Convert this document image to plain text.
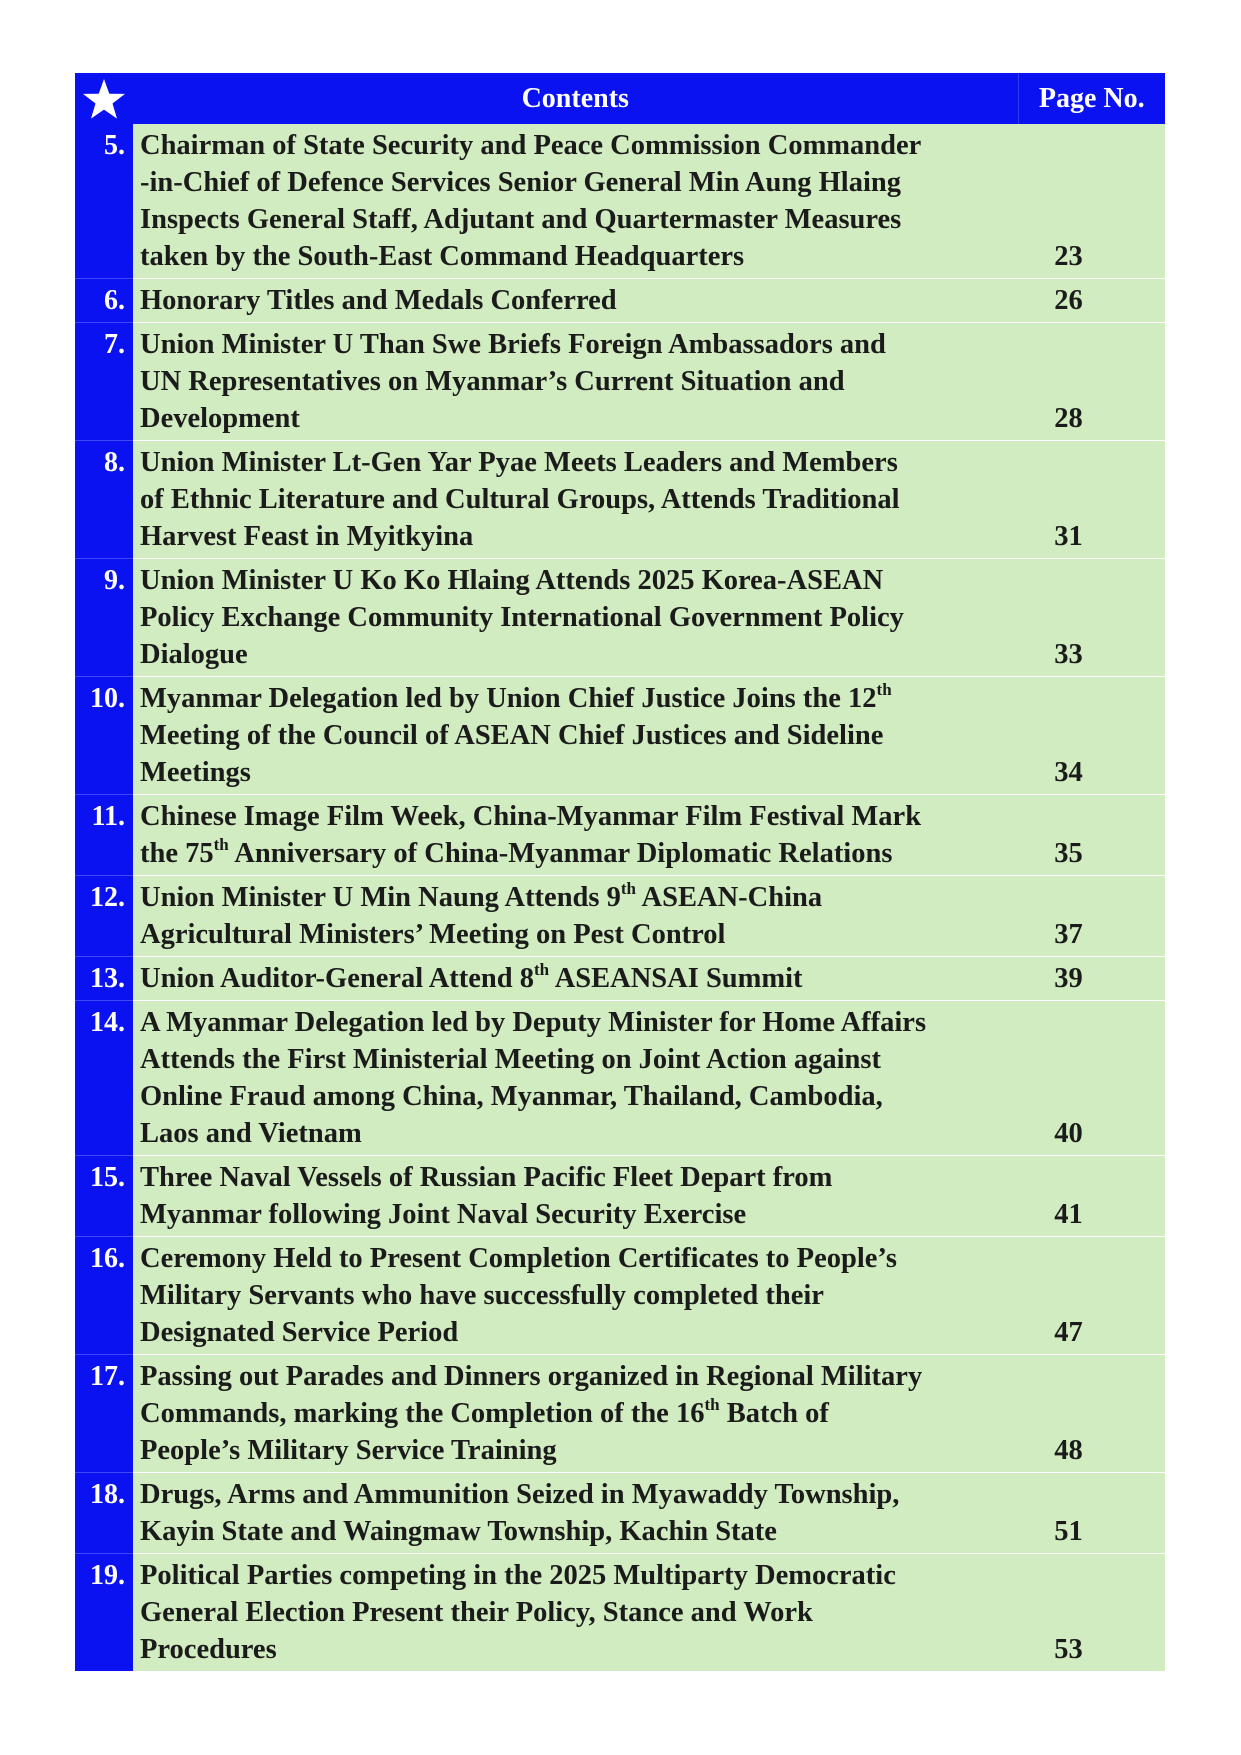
	Contents	Page No.
5.	Chairman of State Security and Peace Commission Commander
-in-Chief of Defence Services Senior General Min Aung Hlaing
Inspects General Staff, Adjutant and Quartermaster Measures
taken by the South-East Command Headquarters	23
6.	Honorary Titles and Medals Conferred	26
7.	Union Minister U Than Swe Briefs Foreign Ambassadors and
UN Representatives on Myanmar’s Current Situation and
Development	28
8.	Union Minister Lt-Gen Yar Pyae Meets Leaders and Members
of Ethnic Literature and Cultural Groups, Attends Traditional
Harvest Feast in Myitkyina	31
9.	Union Minister U Ko Ko Hlaing Attends 2025 Korea-ASEAN
Policy Exchange Community International Government Policy
Dialogue	33
10.	Myanmar Delegation led by Union Chief Justice Joins the 12th
Meeting of the Council of ASEAN Chief Justices and Sideline
Meetings	34
11.	Chinese Image Film Week, China-Myanmar Film Festival Mark
the 75th Anniversary of China-Myanmar Diplomatic Relations	35
12.	Union Minister U Min Naung Attends 9th ASEAN-China
Agricultural Ministers’ Meeting on Pest Control	37
13.	Union Auditor-General Attend 8th ASEANSAI Summit	39
14.	A Myanmar Delegation led by Deputy Minister for Home Affairs
Attends the First Ministerial Meeting on Joint Action against
Online Fraud among China, Myanmar, Thailand, Cambodia,
Laos and Vietnam	40
15.	Three Naval Vessels of Russian Pacific Fleet Depart from
Myanmar following Joint Naval Security Exercise	41
16.	Ceremony Held to Present Completion Certificates to People’s
Military Servants who have successfully completed their
Designated Service Period	47
17.	Passing out Parades and Dinners organized in Regional Military
Commands, marking the Completion of the 16th Batch of
People’s Military Service Training	48
18.	Drugs, Arms and Ammunition Seized in Myawaddy Township,
Kayin State and Waingmaw Township, Kachin State	51
19.	Political Parties competing in the 2025 Multiparty Democratic
General Election Present their Policy, Stance and Work
Procedures	53
